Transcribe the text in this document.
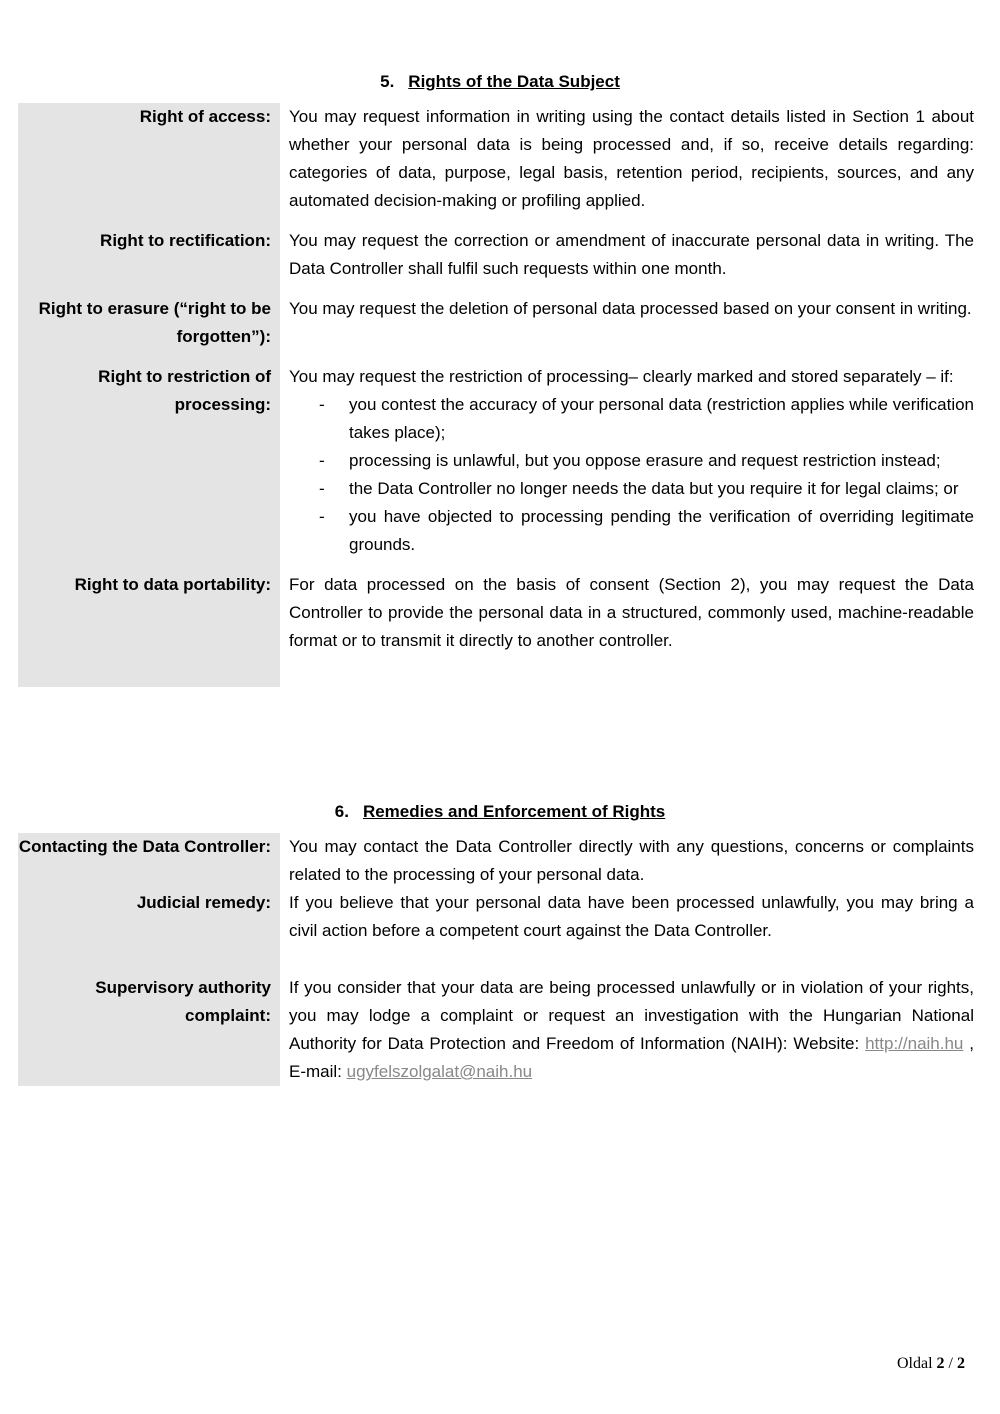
5. Rights of the Data Subject
Right of access:	You may request information in writing using the contact details listed in Section 1 about whether your personal data is being processed and, if so, receive details regarding: categories of data, purpose, legal basis, retention period, recipients, sources, and any automated decision-making or profiling applied.
Right to rectification:	You may request the correction or amendment of inaccurate personal data in writing. The Data Controller shall fulfil such requests within one month.
Right to erasure (“right to be forgotten”):
You may request the deletion of personal data processed based on your consent in writing.
Right to restriction of processing:
You may request the restriction of processing– clearly marked and stored separately – if:
- you contest the accuracy of your personal data (restriction applies while verification takes place);
- processing is unlawful, but you oppose erasure and request restriction instead;
- the Data Controller no longer needs the data but you require it for legal claims; or
- you have objected to processing pending the verification of overriding legitimate grounds.
Right to data portability:	For data processed on the basis of consent (Section 2), you may request the Data Controller to provide the personal data in a structured, commonly used, machine-readable format or to transmit it directly to another controller.
6. Remedies and Enforcement of Rights
Contacting the Data Controller:	You may contact the Data Controller directly with any questions, concerns or complaints related to the processing of your personal data.
Judicial remedy:	If you believe that your personal data have been processed unlawfully, you may bring a civil action before a competent court against the Data Controller.
Supervisory authority complaint:
If you consider that your data are being processed unlawfully or in violation of your rights, you may lodge a complaint or request an investigation with the Hungarian National Authority for Data Protection and Freedom of Information (NAIH): Website: http://naih.hu , E-mail: ugyfelszolgalat@naih.hu
Oldal 2 / 2
